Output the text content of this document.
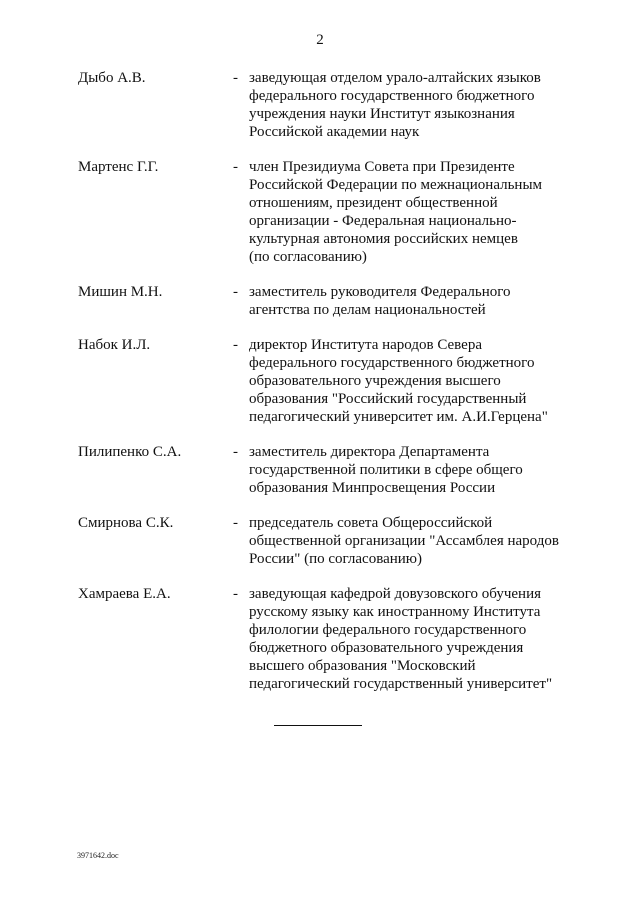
2
Дыбо А.В.	- заведующая отделом урало-алтайских языков
федерального государственного бюджетного
учреждения науки Институт языкознания
Российской академии наук
Мартенс Г.Г.	- член Президиума Совета при Президенте
Российской Федерации по межнациональным
отношениям, президент общественной
организации - Федеральная национально-
культурная автономия российских немцев
(по согласованию)
Мишин М.Н.	- заместитель руководителя Федерального
агентства по делам национальностей
Набок И.Л.	- директор Института народов Севера
федерального государственного бюджетного
образовательного учреждения высшего
образования "Российский государственный
педагогический университет им. А.И.Герцена"
Пилипенко С.А.	- заместитель директора Департамента
государственной политики в сфере общего
образования Минпросвещения России
Смирнова С.К.	- председатель совета Общероссийской
общественной организации "Ассамблея народов
России" (по согласованию)
Хамраева Е.А.	- заведующая кафедрой довузовского обучения
русскому языку как иностранному Института
филологии федерального государственного
бюджетного образовательного учреждения
высшего образования "Московский
педагогический государственный университет"
3971642.doc
